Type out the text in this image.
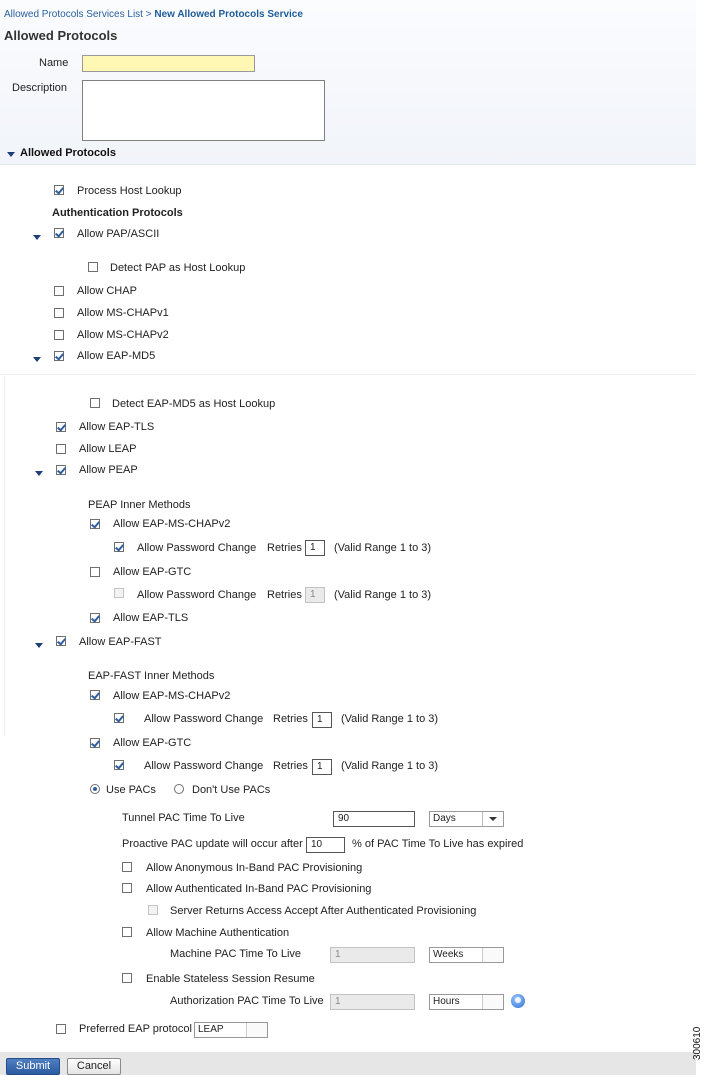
Allowed Protocols Services List > New Allowed Protocols Service
Allowed Protocols
Name
Description
Allowed Protocols
Process Host Lookup
Authentication Protocols
Allow PAP/ASCII
Detect PAP as Host Lookup
Allow CHAP
Allow MS-CHAPv1
Allow MS-CHAPv2
Allow EAP-MD5
Detect EAP-MD5 as Host Lookup
Allow EAP-TLS
Allow LEAP
Allow PEAP
PEAP Inner Methods
Allow EAP-MS-CHAPv2
Allow Password Change Retries 1	(Valid Range 1 to 3)
Allow EAP-GTC
Allow Password Change Retries 1	(Valid Range 1 to 3)
Allow EAP-TLS
Allow EAP-FAST
EAP-FAST Inner Methods
Allow EAP-MS-CHAPv2
Allow Password Change Retries 1	(Valid Range 1 to 3)
Allow EAP-GTC
Allow Password Change Retries 1	(Valid Range 1 to 3)
Use PACs	Don't Use PACs
Tunnel PAC Time To Live	90	Days
Proactive PAC update will occur after 10	% of PAC Time To Live has expired
Allow Anonymous In-Band PAC Provisioning
Allow Authenticated In-Band PAC Provisioning
Server Returns Access Accept After Authenticated Provisioning
Allow Machine Authentication
Machine PAC Time To Live	1	Weeks
Enable Stateless Session Resume
Authorization PAC Time To Live	1	Hours
Preferred EAP protocol LEAP
Submit	Cancel
300610
